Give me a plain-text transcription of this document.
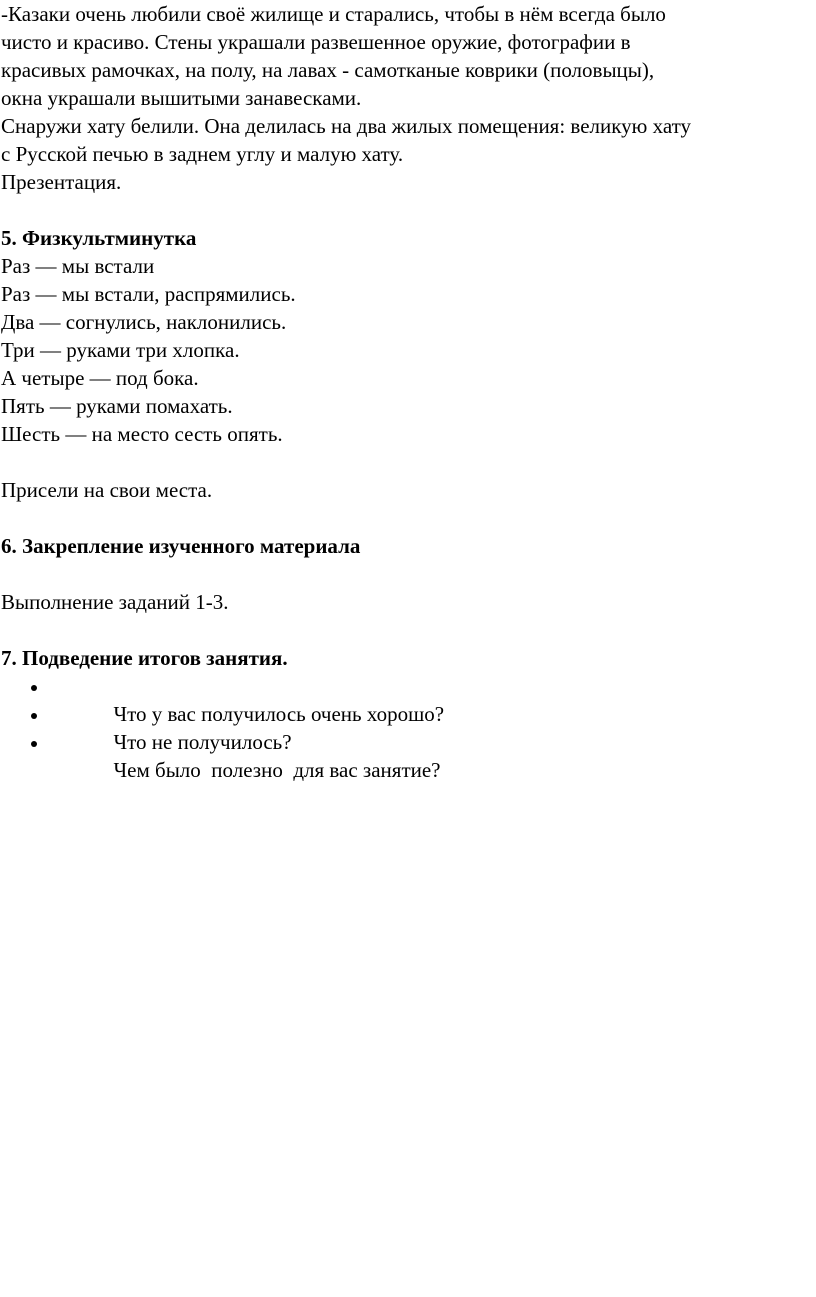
-Казаки очень любили своё жилище и старались, чтобы в нём всегда было
чисто и красиво. Стены украшали развешенное оружие, фотографии в
красивых рамочках, на полу, на лавах - самотканые коврики (половыцы),
окна украшали вышитыми занавесками.
Снаружи хату белили. Она делилась на два жилых помещения: великую хату
с Русской печью в заднем углу и малую хату.
Презентация.
5. Физкультминутка
Раз — мы встали
Раз — мы встали, распрямились.
Два — согнулись, наклонились.
Три — руками три хлопка.
А четыре — под бока.
Пять — руками помахать.
Шесть — на место сесть опять.
Присели на свои места.
6. Закрепление изученного материала
Выполнение заданий 1-3.
7. Подведение итогов занятия.

Что у вас получилось очень хорошо?

Что не получилось?

Чем было  полезно  для вас занятие?
